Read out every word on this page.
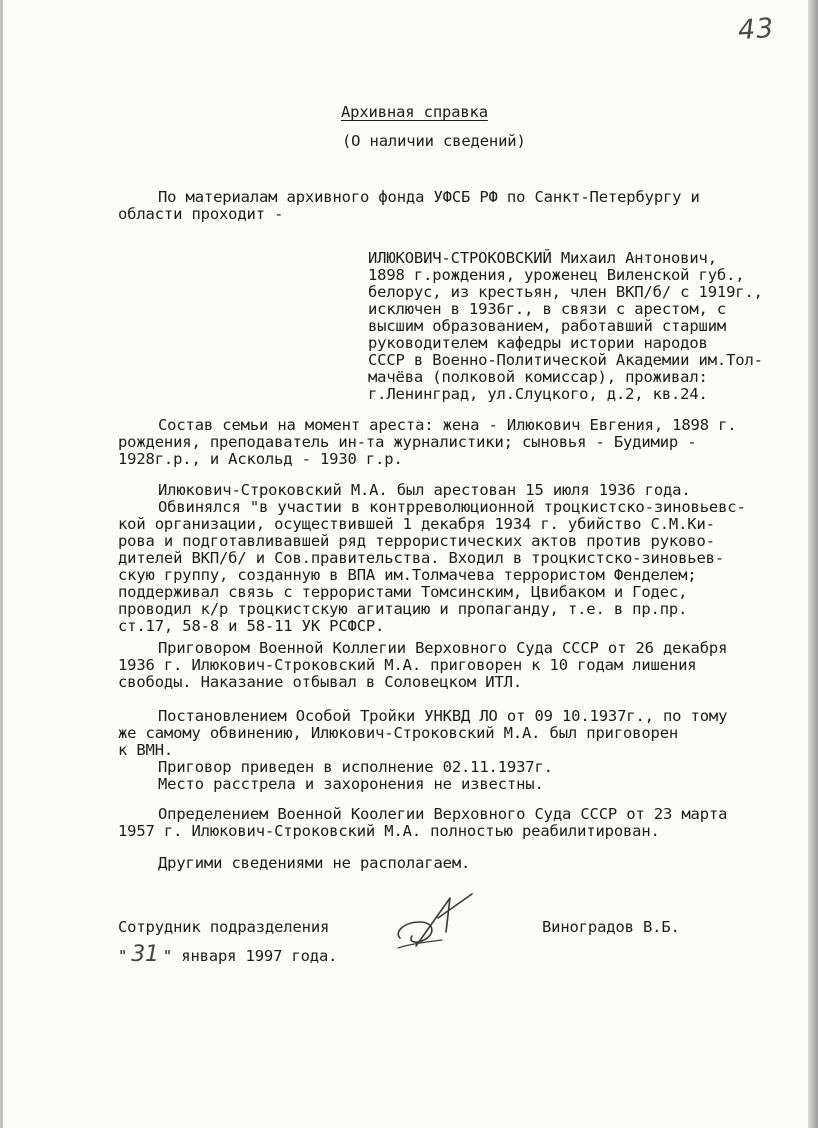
43
Архивная справка
(О наличии сведений)
По материалам архивного фонда УФСБ РФ по Санкт-Петербургу и
области проходит -
ИЛЮКОВИЧ-СТРОКОВСКИЙ Михаил Антонович,
1898 г.рождения, уроженец Виленской губ.,
белорус, из крестьян, член ВКП/б/ с 1919г.,
исключен в 1936г., в связи с арестом, с
высшим образованием, работавший старшим
руководителем кафедры истории народов
СССР в Военно-Политической Академии им.Тол-
мачёва (полковой комиссар), проживал:
г.Ленинград, ул.Слуцкого, д.2, кв.24.
Состав семьи на момент ареста: жена - Илюкович Евгения, 1898 г.
рождения, преподаватель ин-та журналистики; сыновья - Будимир -
1928г.р., и Аскольд - 1930 г.р.
Илюкович-Строковский М.А. был арестован 15 июля 1936 года.
Обвинялся "в участии в контрреволюционной троцкистско-зиновьевс-
кой организации, осуществившей 1 декабря 1934 г. убийство С.М.Ки-
рова и подготавливавшей ряд террористических актов против руково-
дителей ВКП/б/ и Сов.правительства. Входил в троцкистско-зиновьев-
скую группу, созданную в ВПА им.Толмачева террористом Фенделем;
поддерживал связь с террористами Томсинским, Цвибаком и Годес,
проводил к/р троцкистскую агитацию и пропаганду, т.е. в пр.пр.
ст.17, 58-8 и 58-11 УК РСФСР.
Приговором Военной Коллегии Верховного Суда СССР от 26 декабря
1936 г. Илюкович-Строковский М.А. приговорен к 10 годам лишения
свободы. Наказание отбывал в Соловецком ИТЛ.
Постановлением Особой Тройки УНКВД ЛО от 09 10.1937г., по тому
же самому обвинению, Илюкович-Строковский М.А. был приговорен
к ВМН.
Приговор приведен в исполнение 02.11.1937г.
Место расстрела и захоронения не известны.
Определением Военной Коолегии Верховного Суда СССР от 23 марта
1957 г. Илюкович-Строковский М.А. полностью реабилитирован.
Другими сведениями не располагаем.
Сотрудник подразделения	Виноградов В.Б.
" 31 " января 1997 года.
